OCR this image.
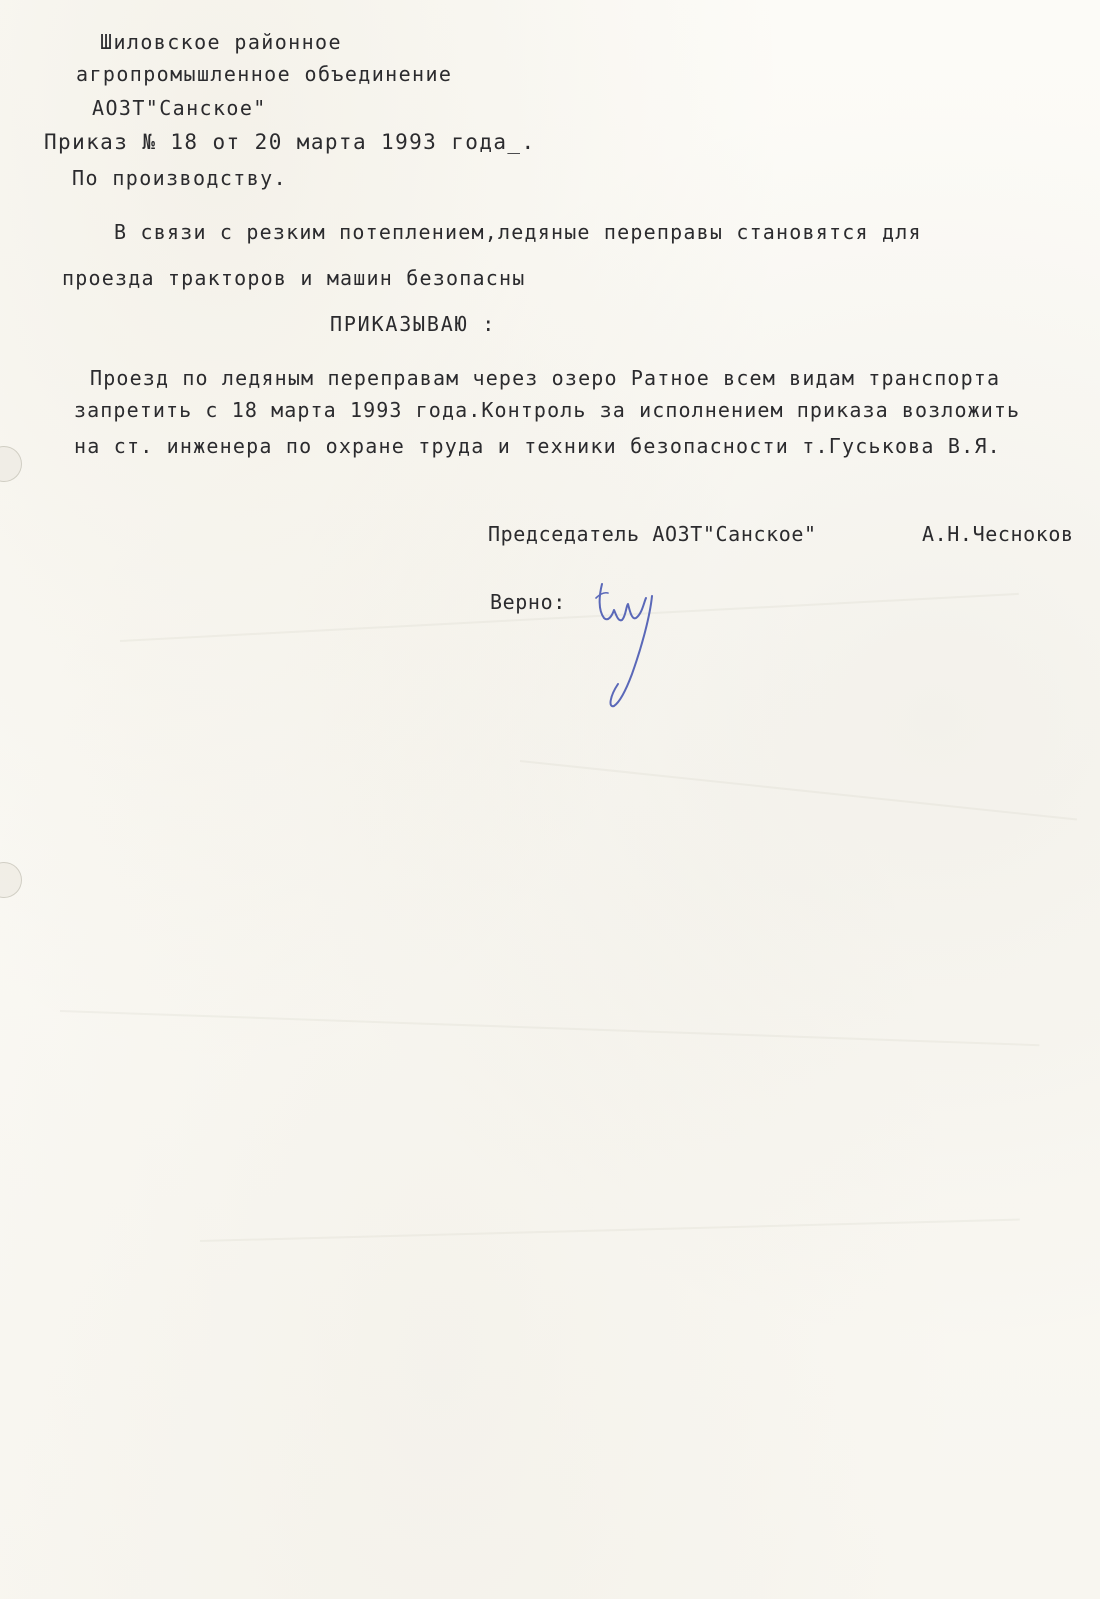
Шиловское районное

агропромышленное объединение

АОЗТ"Санское"

Приказ № 18 от 20 марта 1993 года_.

По производству.

В связи с резким потеплением,ледяные переправы становятся для

проезда тракторов и машин безопасны

ПРИКАЗЫВАЮ :

Проезд по ледяным переправам через озеро Ратное всем видам транспорта

запретить с 18 марта 1993 года.Контроль за исполнением приказа возложить

на ст. инженера по охране труда и техники безопасности т.Гуськова В.Я.

Председатель АОЗТ"Санское"	А.Н.Чесноков

Верно:
